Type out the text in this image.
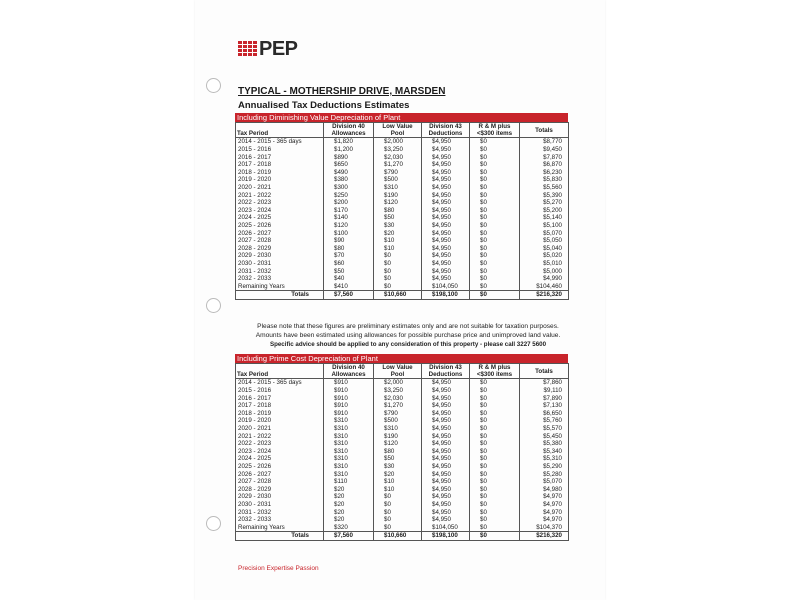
PEP
TYPICAL - MOTHERSHIP DRIVE, MARSDEN
Annualised Tax Deductions Estimates
Including Diminishing Value Depreciation of Plant
Tax Period	Division 40 Allowances	Low Value Pool	Division 43 Deductions	R & M plus <$300 items	Totals
2014 - 2015 - 365 days	$1,820	$2,000	$4,950	$0	$8,770
2015 - 2016	$1,200	$3,250	$4,950	$0	$9,450
2016 - 2017	$890	$2,030	$4,950	$0	$7,870
2017 - 2018	$650	$1,270	$4,950	$0	$6,870
2018 - 2019	$490	$790	$4,950	$0	$6,230
2019 - 2020	$380	$500	$4,950	$0	$5,830
2020 - 2021	$300	$310	$4,950	$0	$5,560
2021 - 2022	$250	$190	$4,950	$0	$5,390
2022 - 2023	$200	$120	$4,950	$0	$5,270
2023 - 2024	$170	$80	$4,950	$0	$5,200
2024 - 2025	$140	$50	$4,950	$0	$5,140
2025 - 2026	$120	$30	$4,950	$0	$5,100
2026 - 2027	$100	$20	$4,950	$0	$5,070
2027 - 2028	$90	$10	$4,950	$0	$5,050
2028 - 2029	$80	$10	$4,950	$0	$5,040
2029 - 2030	$70	$0	$4,950	$0	$5,020
2030 - 2031	$60	$0	$4,950	$0	$5,010
2031 - 2032	$50	$0	$4,950	$0	$5,000
2032 - 2033	$40	$0	$4,950	$0	$4,990
Remaining Years	$410	$0	$104,050	$0	$104,460
Totals	$7,560	$10,660	$198,100	$0	$216,320
Please note that these figures are preliminary estimates only and are not suitable for taxation purposes.
Amounts have been estimated using allowances for possible purchase price and unimproved land value.
Specific advice should be applied to any consideration of this property - please call 3227 5600
Including Prime Cost Depreciation of Plant
Tax Period	Division 40 Allowances	Low Value Pool	Division 43 Deductions	R & M plus <$300 items	Totals
2014 - 2015 - 365 days	$910	$2,000	$4,950	$0	$7,860
2015 - 2016	$910	$3,250	$4,950	$0	$9,110
2016 - 2017	$910	$2,030	$4,950	$0	$7,890
2017 - 2018	$910	$1,270	$4,950	$0	$7,130
2018 - 2019	$910	$790	$4,950	$0	$6,650
2019 - 2020	$310	$500	$4,950	$0	$5,760
2020 - 2021	$310	$310	$4,950	$0	$5,570
2021 - 2022	$310	$190	$4,950	$0	$5,450
2022 - 2023	$310	$120	$4,950	$0	$5,380
2023 - 2024	$310	$80	$4,950	$0	$5,340
2024 - 2025	$310	$50	$4,950	$0	$5,310
2025 - 2026	$310	$30	$4,950	$0	$5,290
2026 - 2027	$310	$20	$4,950	$0	$5,280
2027 - 2028	$110	$10	$4,950	$0	$5,070
2028 - 2029	$20	$10	$4,950	$0	$4,980
2029 - 2030	$20	$0	$4,950	$0	$4,970
2030 - 2031	$20	$0	$4,950	$0	$4,970
2031 - 2032	$20	$0	$4,950	$0	$4,970
2032 - 2033	$20	$0	$4,950	$0	$4,970
Remaining Years	$320	$0	$104,050	$0	$104,370
Totals	$7,560	$10,660	$198,100	$0	$216,320
Precision Expertise Passion
